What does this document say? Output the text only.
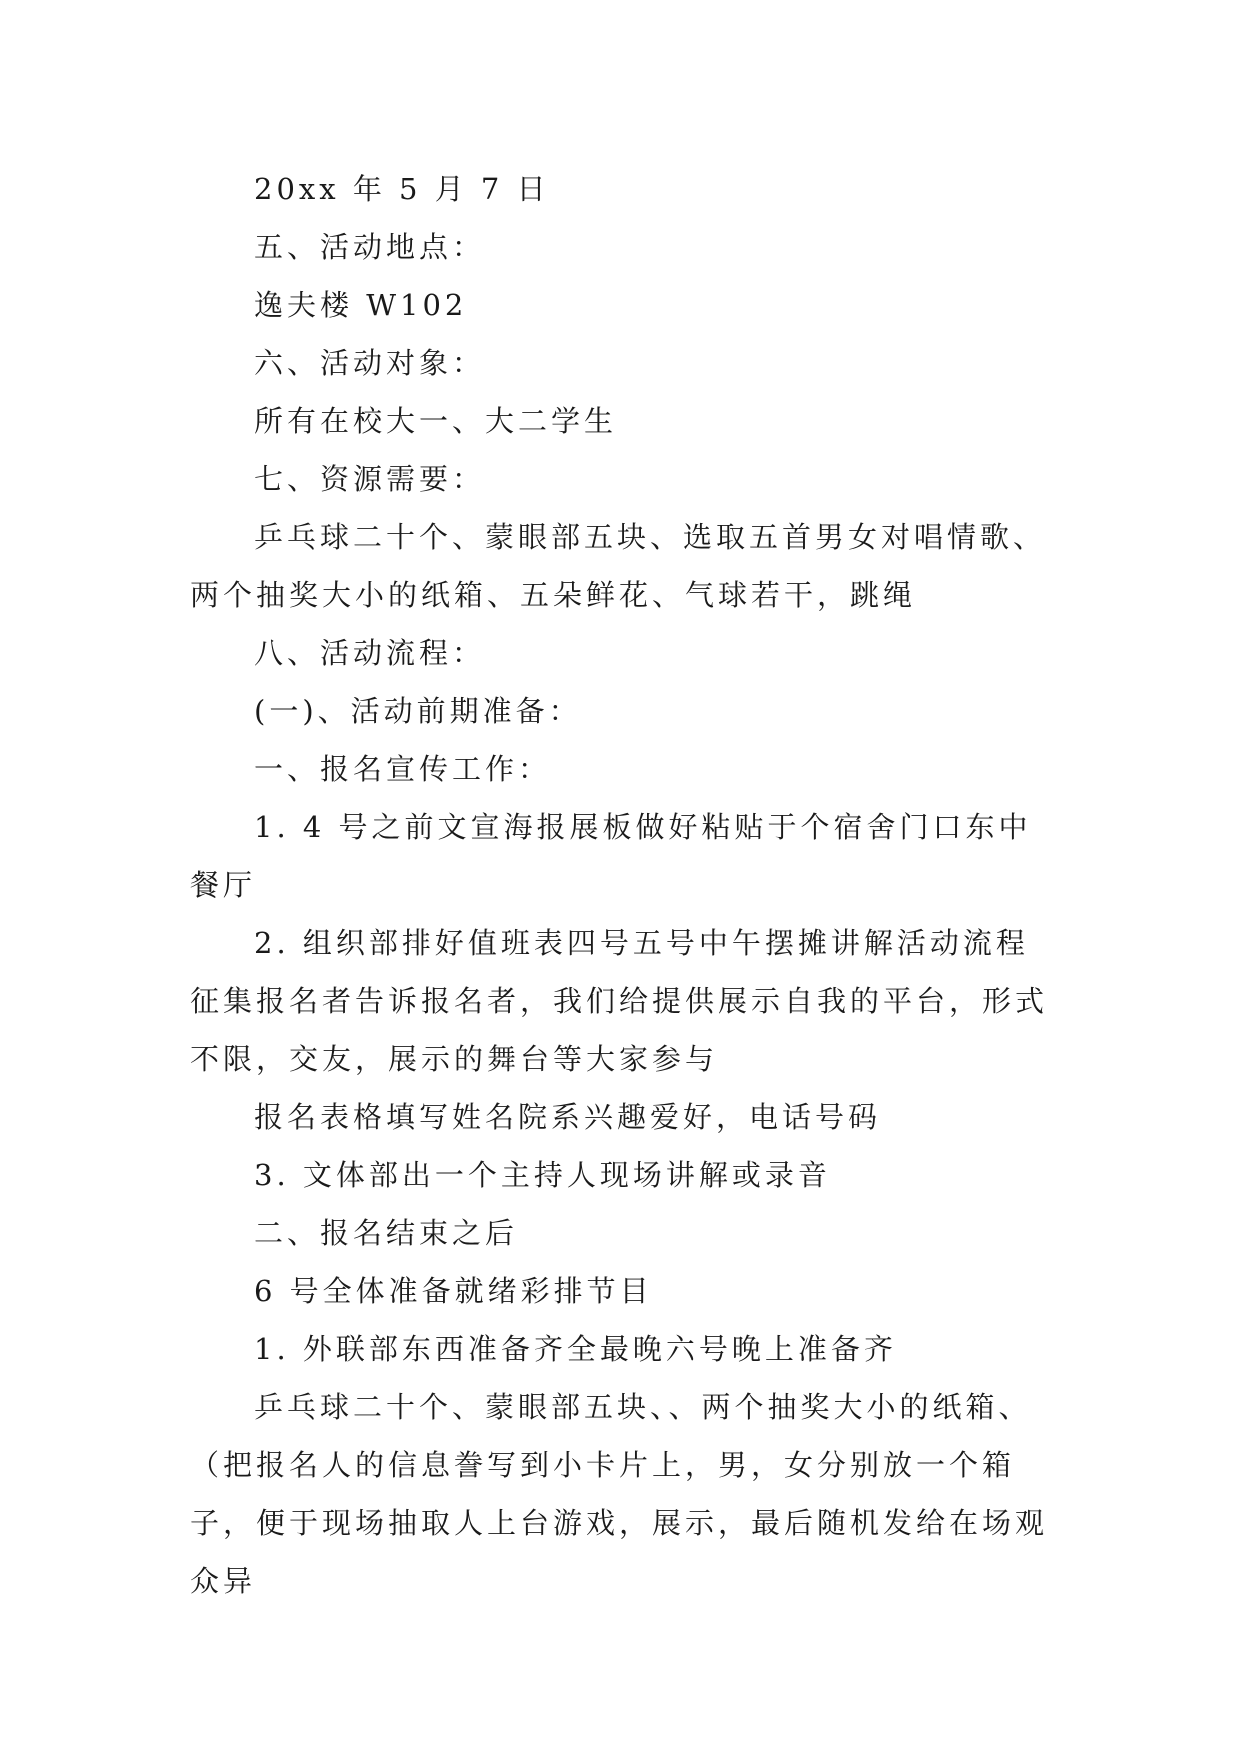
20xx 年 5 月 7 日

五、活动地点：

逸夫楼 W102

六、活动对象：

所有在校大一、大二学生

七、资源需要：

乒乓球二十个、蒙眼部五块、选取五首男女对唱情歌、两个抽奖大小的纸箱、五朵鲜花、气球若干，跳绳

八、活动流程：

(一)、活动前期准备：

一、报名宣传工作：

1. 4 号之前文宣海报展板做好粘贴于个宿舍门口东中餐厅

2. 组织部排好值班表四号五号中午摆摊讲解活动流程征集报名者告诉报名者，我们给提供展示自我的平台，形式不限，交友，展示的舞台等大家参与

报名表格填写姓名院系兴趣爱好，电话号码

3. 文体部出一个主持人现场讲解或录音

二、报名结束之后

6 号全体准备就绪彩排节目

1. 外联部东西准备齐全最晚六号晚上准备齐

乒乓球二十个、蒙眼部五块、、两个抽奖大小的纸箱、（把报名人的信息誊写到小卡片上，男，女分别放一个箱子，便于现场抽取人上台游戏，展示，最后随机发给在场观众异
